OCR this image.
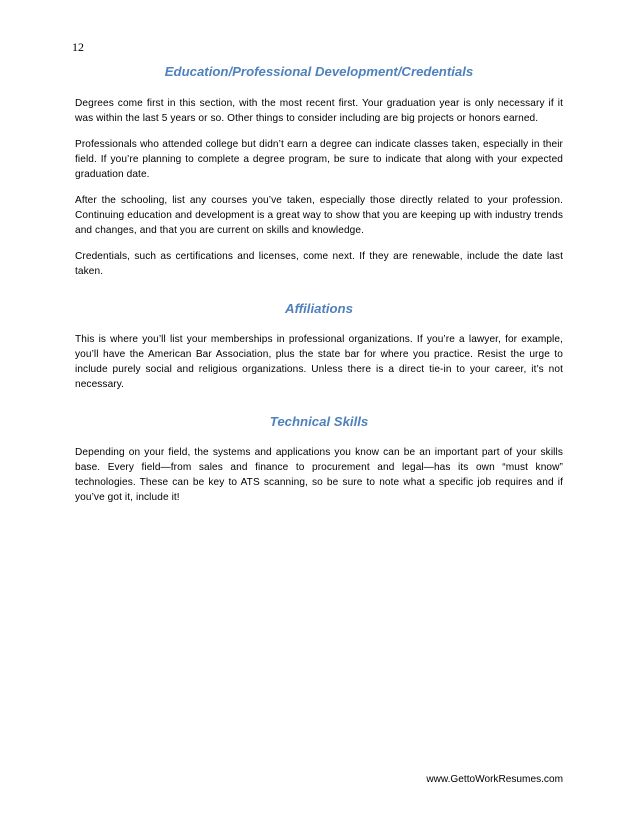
12
Education/Professional Development/Credentials

Degrees come first in this section, with the most recent first. Your graduation year is only necessary if it was within the last 5 years or so. Other things to consider including are big projects or honors earned.

Professionals who attended college but didn’t earn a degree can indicate classes taken, especially in their field. If you’re planning to complete a degree program, be sure to indicate that along with your expected graduation date.

After the schooling, list any courses you’ve taken, especially those directly related to your profession. Continuing education and development is a great way to show that you are keeping up with industry trends and changes, and that you are current on skills and knowledge.

Credentials, such as certifications and licenses, come next. If they are renewable, include the date last taken.

Affiliations

This is where you’ll list your memberships in professional organizations. If you’re a lawyer, for example, you’ll have the American Bar Association, plus the state bar for where you practice. Resist the urge to include purely social and religious organizations. Unless there is a direct tie-in to your career, it’s not necessary.

Technical Skills

Depending on your field, the systems and applications you know can be an important part of your skills base. Every field—from sales and finance to procurement and legal—has its own “must know” technologies. These can be key to ATS scanning, so be sure to note what a specific job requires and if you’ve got it, include it!

www.GettoWorkResumes.com
